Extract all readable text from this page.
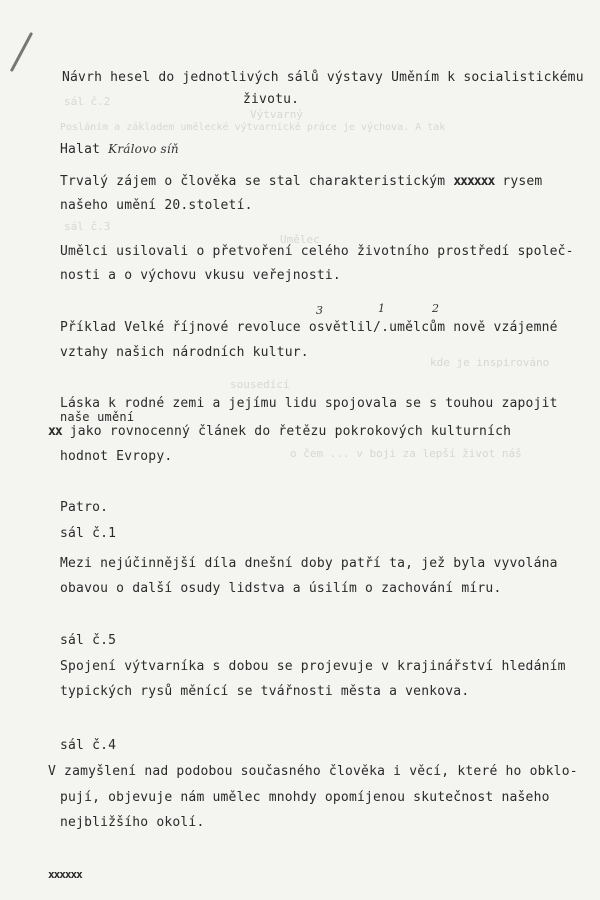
sál č.2
Výtvarný
Posláním a základem umělecké výtvarnické práce je výchova. A tak
sál č.3
Umělec
kde je inspirováno
sousedící
o čem ... v boji za lepší život náš
Návrh hesel do jednotlivých sálů výstavy Uměním k socialistickému
životu.
Halat Královo síň
Trvalý zájem o člověka se stal charakteristickým xxxxxx rysem
našeho umění 20.století.
Umělci usilovali o přetvoření celého životního prostředí společ-
nosti a o výchovu vkusu veřejnosti.
3	1	2
Příklad Velké říjnové revoluce osvětlil/.umělcům nově vzájemné
vztahy našich národních kultur.
Láska k rodné zemi a jejímu lidu spojovala se s touhou zapojit
naše umění
xx jako rovnocenný článek do řetězu pokrokových kulturních
hodnot Evropy.
Patro.
sál č.1
Mezi nejúčinnější díla dnešní doby patří ta, jež byla vyvolána
obavou o další osudy lidstva a úsilím o zachování míru.
sál č.5
Spojení výtvarníka s dobou se projevuje v krajinářství hledáním
typických rysů měnící se tvářnosti města a venkova.
sál č.4
V zamyšlení nad podobou současného člověka i věcí, které ho obklo-
pují, objevuje nám umělec mnohdy opomíjenou skutečnost našeho
nejbližšího okolí.
xxxxxx
